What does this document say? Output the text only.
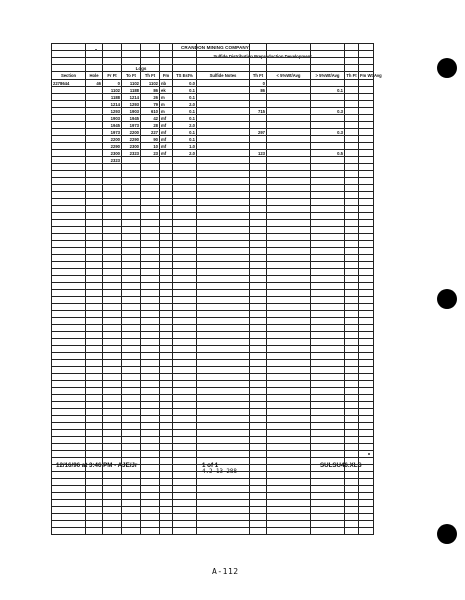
CRANDON MINING COMPANY
Sulfide Distribution Preproduction Development
Logs

Section	Hole	Fr Ft	To Ft	Th Ft	Fm	TS Est%	Sulfide Notes	Th Ft	< 5%Wt/Avg	> 5%Wt/Avg	Th Ft	Fm Wt/Avg
2278644	46	0	1102	1102	nb	0.0		0				
		1102	1188	86	ek	0.1		86		0.1		
		1188	1214	26	m	0.1						
		1214	1293	79	m	2.0						
		1293	1903	610	m	0.1		715		0.3		
		1903	1945	42	mf	0.1						
		1945	1973	28	mf	2.0						
		1973	2200	227	mf	0.1		297		0.3		
		2200	2290	90	mf	0.1						
		2290	2300	10	mf	1.0						
		2300	2323	23	mf	2.0		123		0.5		
		2323										

12/16/96 at 3:46 PM - AJE/Jr	1 of 1
4.2-13-288
SULSU46.XLS
A-112
